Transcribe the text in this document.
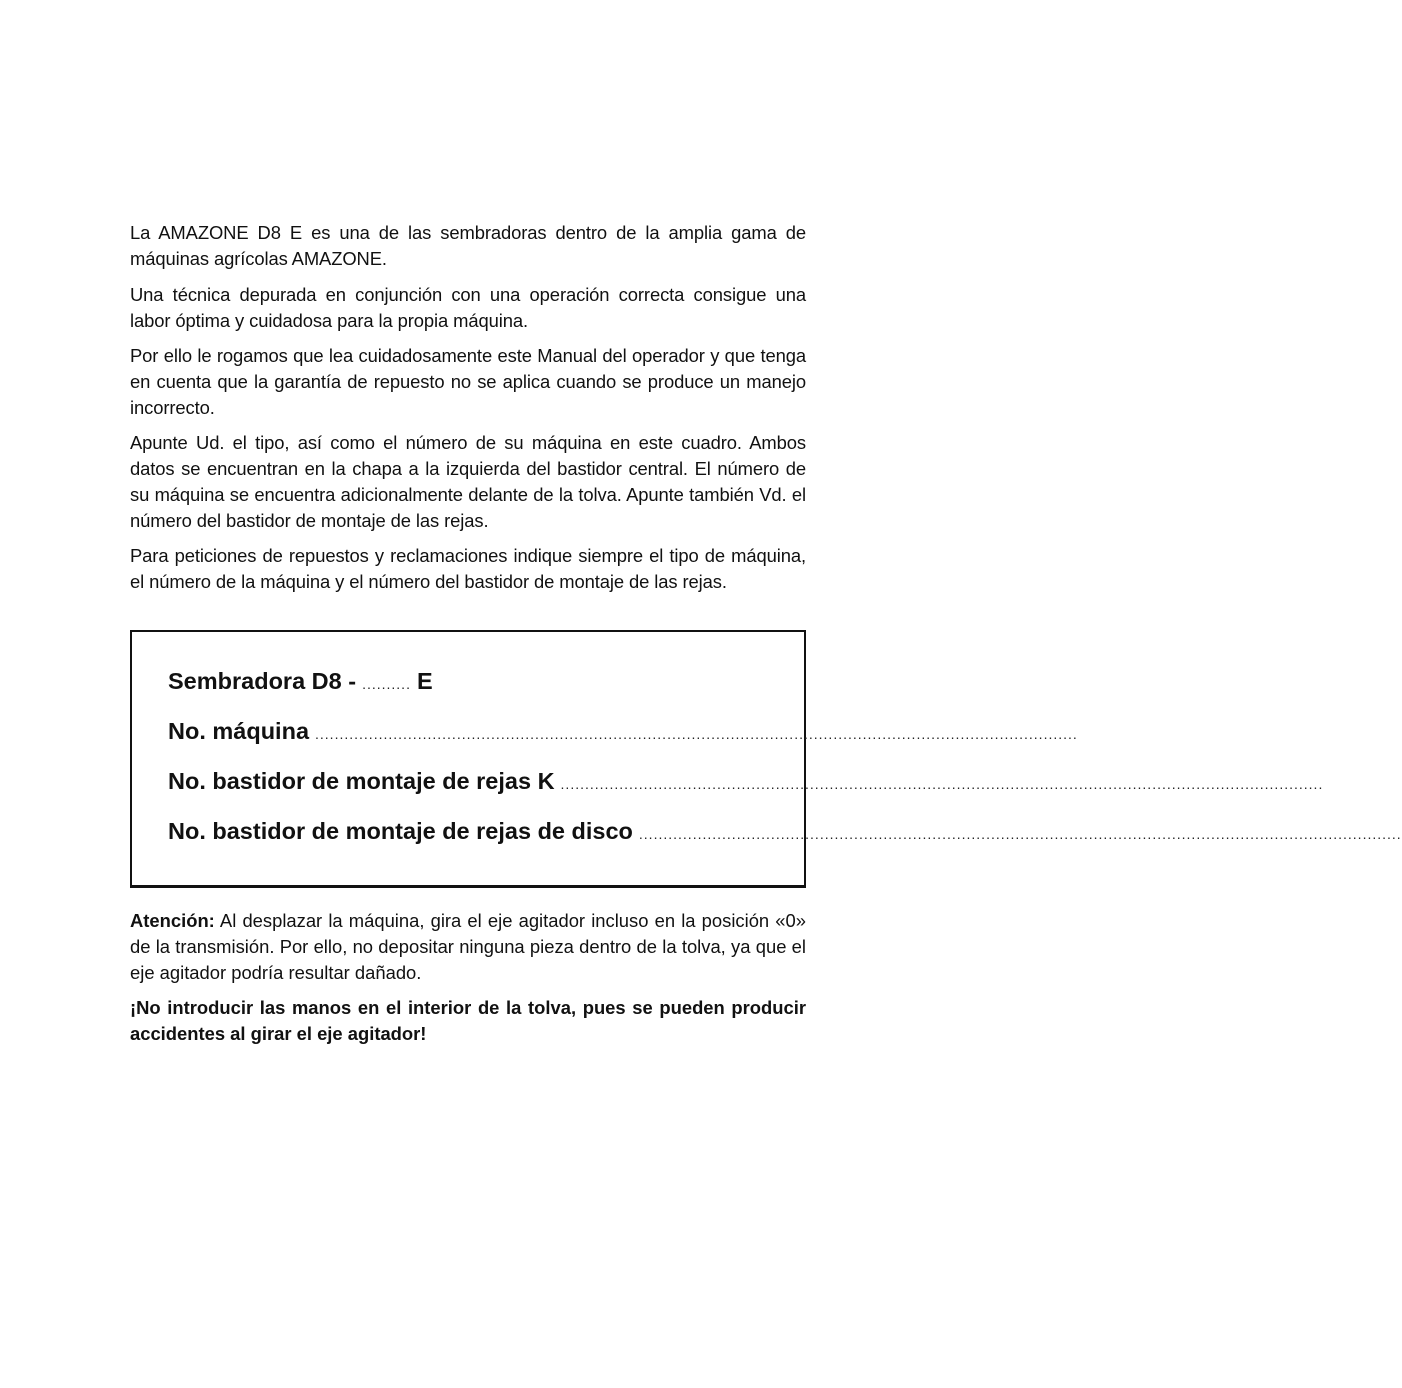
La AMAZONE D8 E es una de las sembradoras dentro de la amplia gama de máquinas agrícolas AMAZONE.

Una técnica depurada en conjunción con una operación correcta consigue una labor óptima y cuidadosa para la propia máquina.

Por ello le rogamos que lea cuidadosamente este Manual del operador y que tenga en cuenta que la garantía de repuesto no se aplica cuando se produce un manejo incorrecto.

Apunte Ud. el tipo, así como el número de su máquina en este cuadro. Ambos datos se encuentran en la chapa a la izquierda del bastidor central. El número de su máquina se encuentra adicionalmente delante de la tolva. Apunte también Vd. el número del bastidor de montaje de las rejas.

Para peticiones de repuestos y reclamaciones indique siempre el tipo de máquina, el número de la máquina y el número del bastidor de montaje de las rejas.

Sembradora D8 - .......... E
No. máquina ............................................................................................................................................................
No. bastidor de montaje de rejas K ............................................................................................................................................................
No. bastidor de montaje de rejas de disco ............................................................................................................................................................

Atención: Al desplazar la máquina, gira el eje agitador incluso en la posición «0» de la transmisión. Por ello, no depositar ninguna pieza dentro de la tolva, ya que el eje agitador podría resultar dañado.

¡No introducir las manos en el interior de la tolva, pues se pueden producir accidentes al girar el eje agitador!
